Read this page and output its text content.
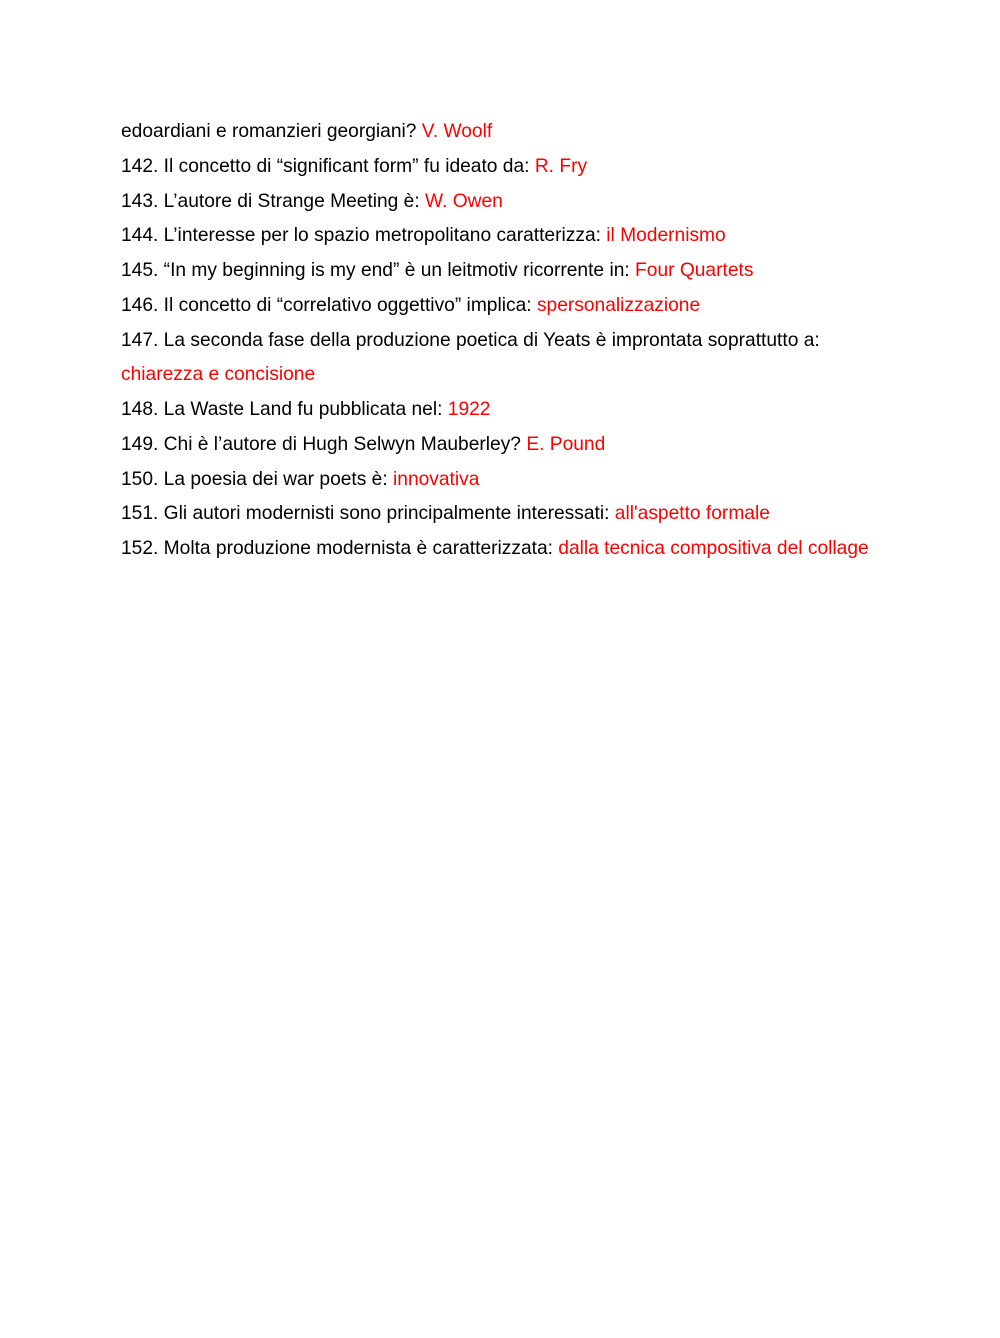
edoardiani e romanzieri georgiani? V. Woolf

142. Il concetto di “significant form” fu ideato da: R. Fry

143. L’autore di Strange Meeting è: W. Owen

144. L’interesse per lo spazio metropolitano caratterizza: il Modernismo

145. “In my beginning is my end” è un leitmotiv ricorrente in: Four Quartets

146. Il concetto di “correlativo oggettivo” implica: spersonalizzazione

147. La seconda fase della produzione poetica di Yeats è improntata soprattutto a: chiarezza e concisione

148. La Waste Land fu pubblicata nel: 1922

149. Chi è l’autore di Hugh Selwyn Mauberley? E. Pound

150. La poesia dei war poets è: innovativa

151. Gli autori modernisti sono principalmente interessati: all'aspetto formale

152. Molta produzione modernista è caratterizzata: dalla tecnica compositiva del collage
